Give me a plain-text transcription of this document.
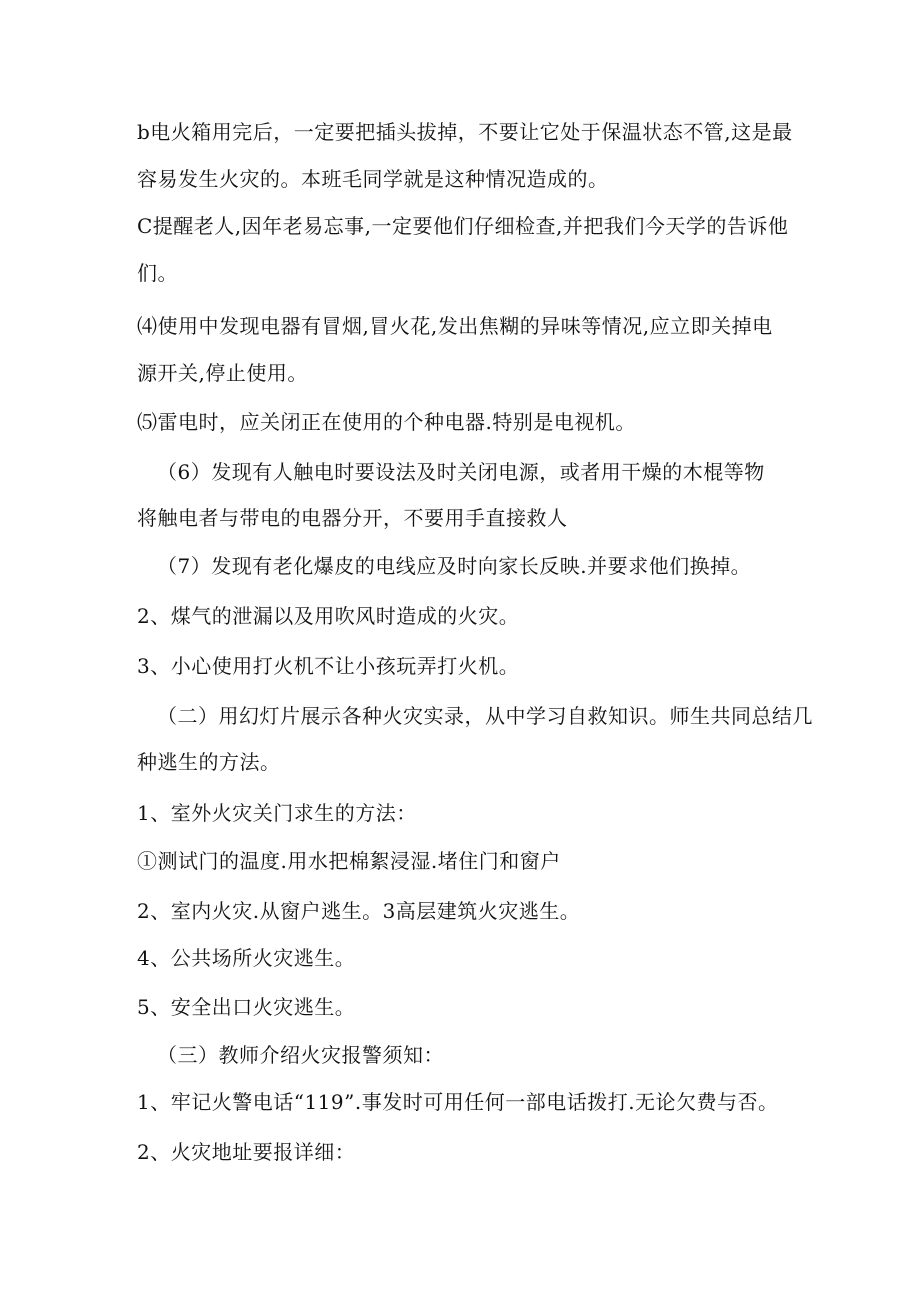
b电火箱用完后，一定要把插头拔掉，不要让它处于保温状态不管,这是最
容易发生火灾的。本班毛同学就是这种情况造成的。
C提醒老人,因年老易忘事,一定要他们仔细检查,并把我们今天学的告诉他
们。
⑷使用中发现电器有冒烟,冒火花,发出焦糊的异味等情况,应立即关掉电
源开关,停止使用。
⑸雷电时，应关闭正在使用的个种电器.特别是电视机。
（6）发现有人触电时要设法及时关闭电源，或者用干燥的木棍等物
将触电者与带电的电器分开，不要用手直接救人
（7）发现有老化爆皮的电线应及时向家长反映.并要求他们换掉。
2、煤气的泄漏以及用吹风时造成的火灾。
3、小心使用打火机不让小孩玩弄打火机。
（二）用幻灯片展示各种火灾实录，从中学习自救知识。师生共同总结几
种逃生的方法。
1、室外火灾关门求生的方法：
①测试门的温度.用水把棉絮浸湿.堵住门和窗户
2、室内火灾.从窗户逃生。3高层建筑火灾逃生。
4、公共场所火灾逃生。
5、安全出口火灾逃生。
（三）教师介绍火灾报警须知：
1、牢记火警电话“119”.事发时可用任何一部电话拨打.无论欠费与否。
2、火灾地址要报详细：
